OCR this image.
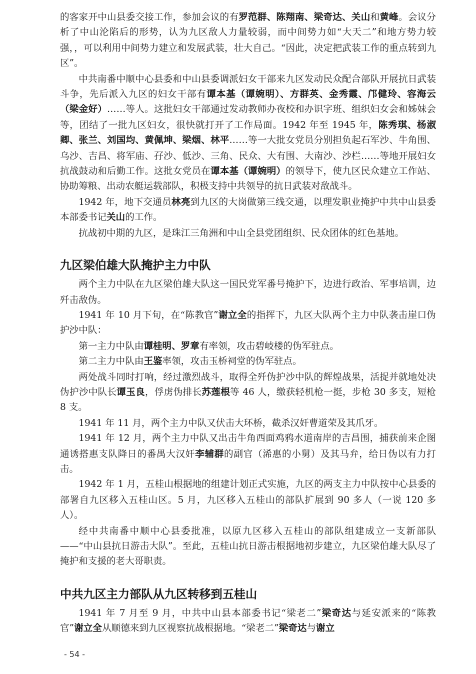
的客家开中山县委交接工作，参加会议的有罗范群、陈翔南、梁奇达、关山和黄峰。会议分析了中山沦陷后的形势，认为九区敌人力量较弱，而中间势力如“大天二”和地方势力较强，，可以利用中间势力建立和发展武装，壮大自己。“因此，决定把武装工作的重点转到九区”。

中共南番中顺中心县委和中山县委调派妇女干部来九区发动民众配合部队开展抗日武装斗争，先后派入九区的妇女干部有谭本基（谭婉明）、方群英、金秀霞、邝健玲、容海云（梁金好）……等人。这批妇女干部通过发动教师办夜校和办识字班、组织妇女会和姊妹会等，团结了一批九区妇女，很快就打开了工作局面。1942 年至 1945 年，陈秀琪、杨淑卿、张兰、刘国均、黄佩坤、梁烟、林平……等一大批女党员分别担负起石军沙、牛角围、乌沙、吉昌、将军庙、孖沙、低沙、三角、民众、大有围、大南沙、沙栏……等地开展妇女抗战鼓动和后勤工作。这批女党员在谭本基（谭婉明）的领导下，使九区民众建立工作站、协助筹粮、出动农艇运载部队，积极支持中共领导的抗日武装对敌战斗。

1942 年，地下交通员林亮到九区的大岗做第三线交通，以理发职业掩护中共中山县委本部委书记关山的工作。

抗战初中期的九区，是珠江三角洲和中山全县党团组织、民众团体的红色基地。

九区梁伯雄大队掩护主力中队

两个主力中队在九区梁伯雄大队这一国民党军番号掩护下，边进行政治、军事培训，边歼击敌伪。

1941 年 10 月下旬，在“陈教官”谢立全的指挥下，九区大队两个主力中队袭击崖口伪护沙中队：

第一主力中队由谭桂明、罗章有率领，攻击碧岐楼的伪军驻点。

第二主力中队由王鉴率领，攻击玉桥祠堂的伪军驻点。

两处战斗同时打响，经过激烈战斗，取得全歼伪护沙中队的辉煌战果，活捉并就地处决伪护沙中队长谭玉良，俘虏伪排长苏莲根等 46 人，缴获轻机枪一挺，步枪 30 多支，短枪 8 支。

1941 年 11 月，两个主力中队又伏击大环桥，截杀汉奸曹道荣及其爪牙。

1941 年 12 月，两个主力中队又出击牛角西面鸡鸦水道南岸的吉昌围，捕获前来企图通诱搭惠支队降日的番禺大汉奸李辅群的副官（浠惠的小舅）及其马弁，给日伪以有力打击。

1942 年 1 月，五桂山根据地的组建计划正式实施，九区的两支主力中队按中心县委的部署自九区移入五桂山区。5 月，九区移入五桂山的部队扩展到 90 多人（一说 120 多人）。

经中共南番中顺中心县委批准，以原九区移入五桂山的部队组建成立一支新部队——“中山县抗日游击大队”。至此，五桂山抗日游击根据地初步建立，九区梁伯雄大队尽了掩护和支援的老大哥职责。

中共九区主力部队从九区转移到五桂山

1941 年 7 月至 9 月，中共中山县本部委书记“梁老二”梁奇达与延安派来的“陈教官”谢立全从顺德来到九区视察抗战根据地。“梁老二”梁奇达与谢立

- 54 -
